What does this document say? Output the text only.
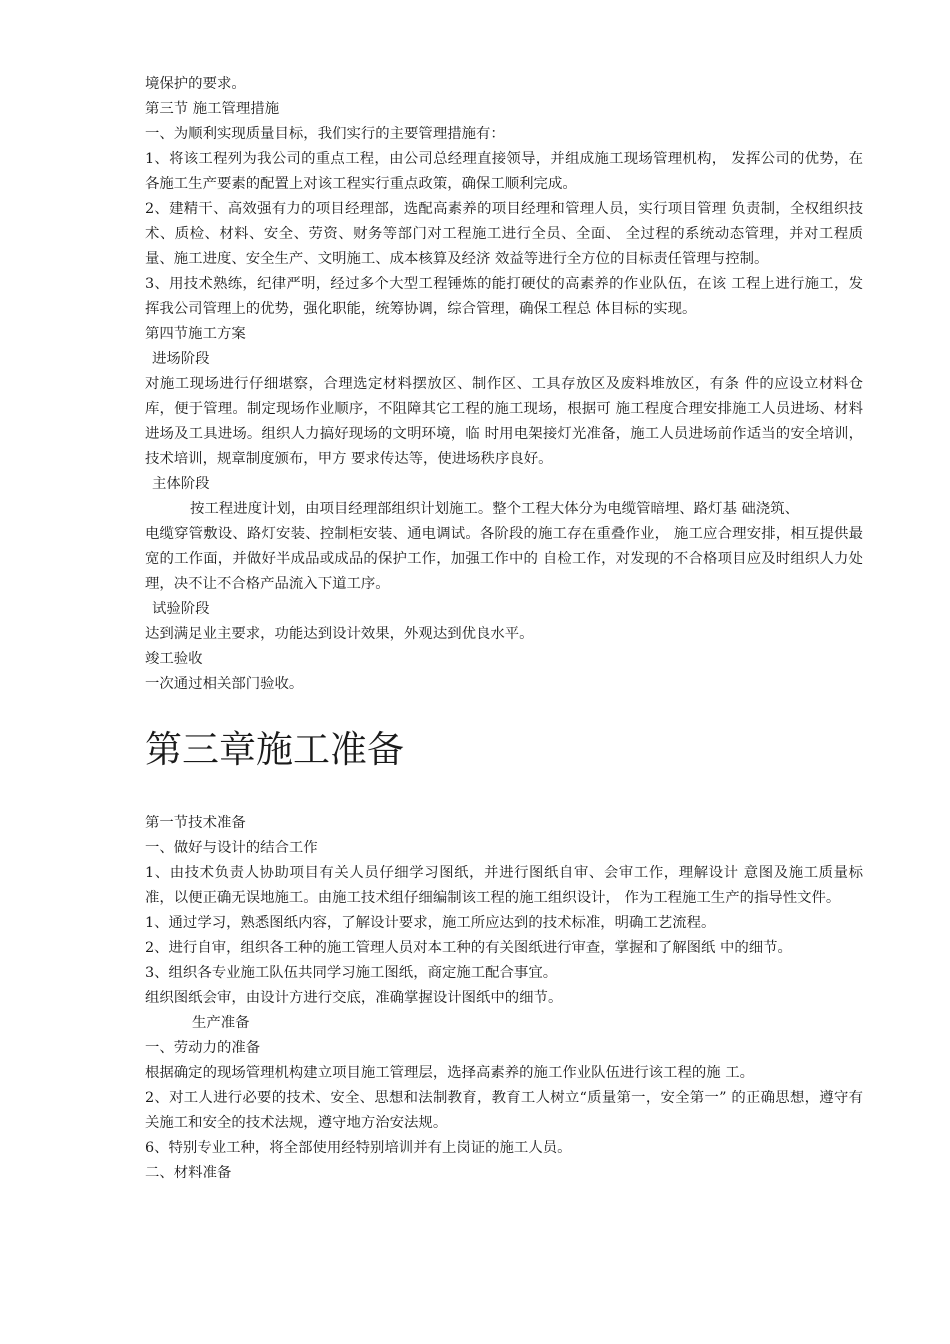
境保护的要求。

第三节 施工管理措施

一、为顺利实现质量目标，我们实行的主要管理措施有：

1、将该工程列为我公司的重点工程，由公司总经理直接领导，并组成施工现场管理机构， 发挥公司的优势，在各施工生产要素的配置上对该工程实行重点政策，确保工顺利完成。

2、建精干、高效强有力的项目经理部，选配高素养的项目经理和管理人员，实行项目管理 负责制，全权组织技术、质检、材料、安全、劳资、财务等部门对工程施工进行全员、全面、 全过程的系统动态管理，并对工程质量、施工进度、安全生产、文明施工、成本核算及经济 效益等进行全方位的目标责任管理与控制。

3、用技术熟练，纪律严明，经过多个大型工程锤炼的能打硬仗的高素养的作业队伍，在该 工程上进行施工，发挥我公司管理上的优势，强化职能，统筹协调，综合管理，确保工程总 体目标的实现。

第四节施工方案

进场阶段

对施工现场进行仔细堪察，合理选定材料摆放区、制作区、工具存放区及废料堆放区，有条 件的应设立材料仓库，便于管理。制定现场作业顺序，不阻障其它工程的施工现场，根据可 施工程度合理安排施工人员进场、材料进场及工具进场。组织人力搞好现场的文明环境，临 时用电架接灯光准备，施工人员进场前作适当的安全培训，技术培训，规章制度颁布，甲方 要求传达等，使进场秩序良好。

主体阶段

按工程进度计划，由项目经理部组织计划施工。整个工程大体分为电缆管暗埋、路灯基 础浇筑、

电缆穿管敷设、路灯安装、控制柜安装、通电调试。各阶段的施工存在重叠作业， 施工应合理安排，相互提供最宽的工作面，并做好半成品或成品的保护工作，加强工作中的 自检工作，对发现的不合格项目应及时组织人力处理，决不让不合格产品流入下道工序。

试验阶段

达到满足业主要求，功能达到设计效果，外观达到优良水平。

竣工验收

一次通过相关部门验收。

第三章施工准备

第一节技术准备

一、做好与设计的结合工作

1、由技术负责人协助项目有关人员仔细学习图纸，并进行图纸自审、会审工作，理解设计 意图及施工质量标准，以便正确无误地施工。由施工技术组仔细编制该工程的施工组织设计， 作为工程施工生产的指导性文件。

1、通过学习，熟悉图纸内容，了解设计要求，施工所应达到的技术标准，明确工艺流程。

2、进行自审，组织各工种的施工管理人员对本工种的有关图纸进行审查，掌握和了解图纸 中的细节。

3、组织各专业施工队伍共同学习施工图纸，商定施工配合事宜。

组织图纸会审，由设计方进行交底，准确掌握设计图纸中的细节。

生产准备

一、劳动力的准备

根据确定的现场管理机构建立项目施工管理层，选择高素养的施工作业队伍进行该工程的施 工。

2、对工人进行必要的技术、安全、思想和法制教育，教育工人树立“质量第一，安全第一” 的正确思想，遵守有关施工和安全的技术法规，遵守地方治安法规。

6、特别专业工种，将全部使用经特别培训并有上岗证的施工人员。

二、材料准备
